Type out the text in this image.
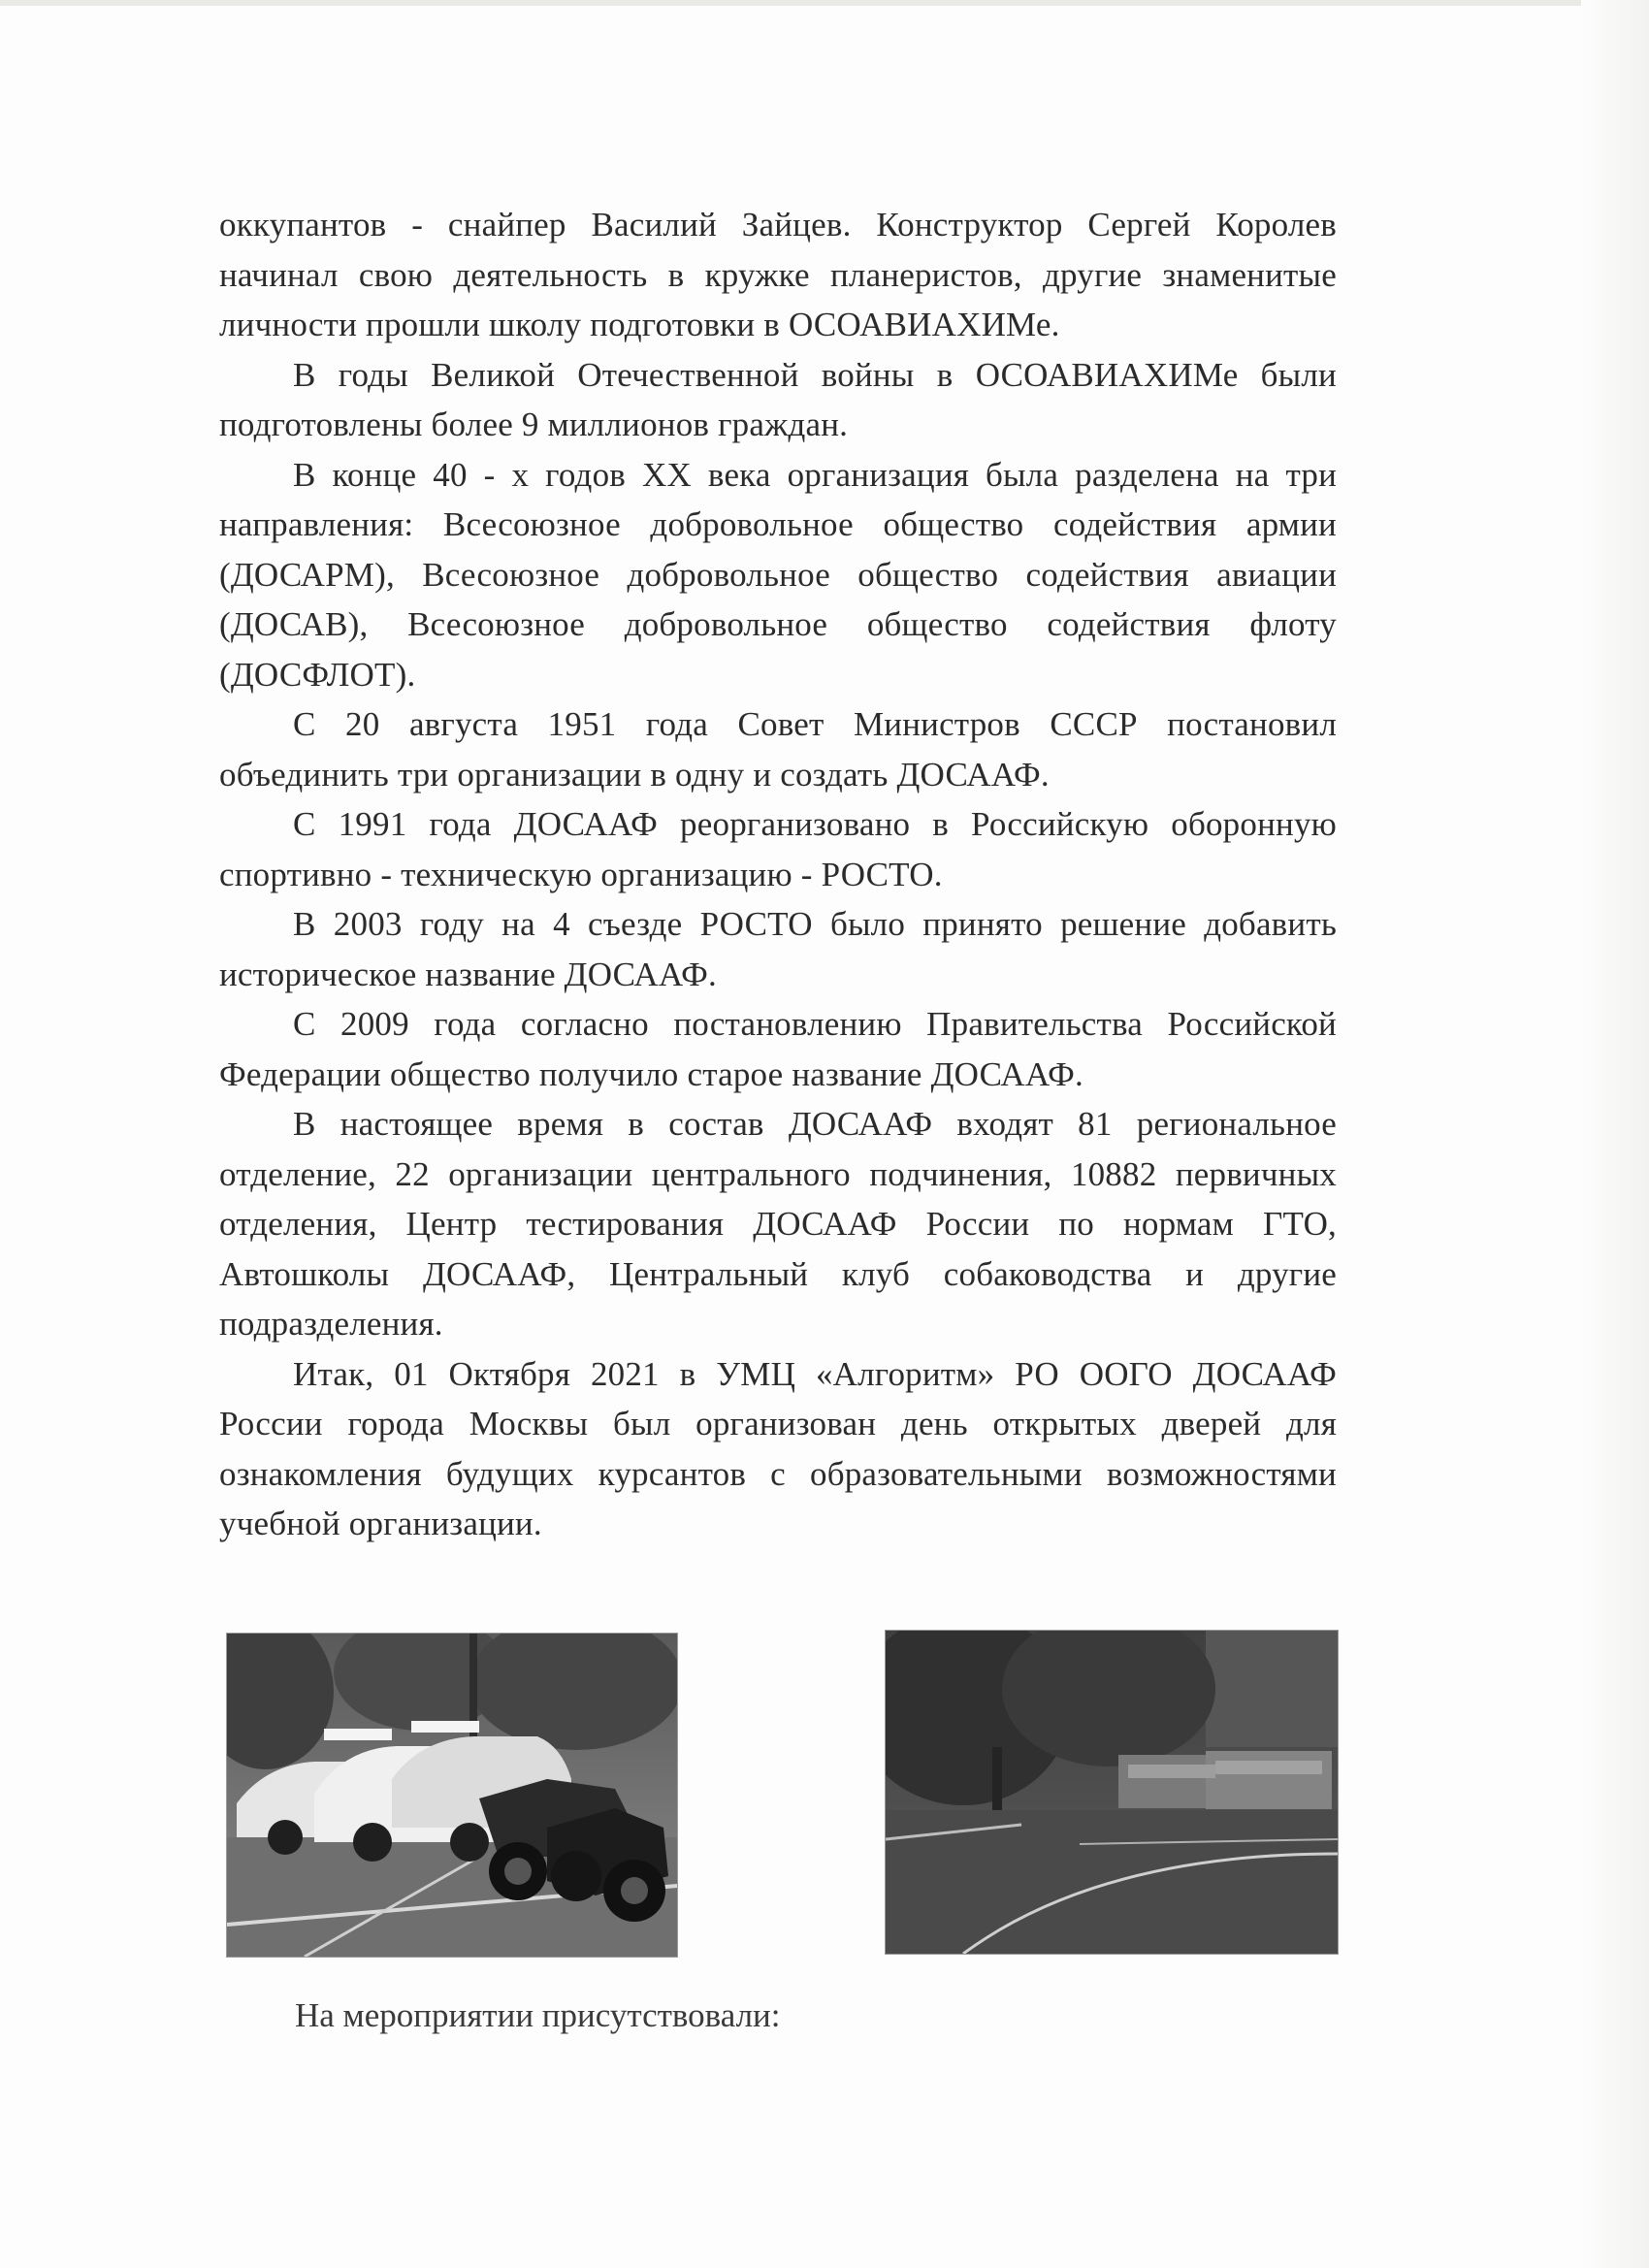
оккупантов - снайпер Василий Зайцев. Конструктор Сергей Королев начинал свою деятельность в кружке планеристов, другие знаменитые личности прошли школу подготовки в ОСОАВИАХИМе.

В годы Великой Отечественной войны в ОСОАВИАХИМе были подготовлены более 9 миллионов граждан.

В конце 40 - х годов XX века организация была разделена на три направления: Всесоюзное добровольное общество содействия армии (ДОСАРМ), Всесоюзное добровольное общество содействия авиации (ДОСАВ), Всесоюзное добровольное общество содействия флоту (ДОСФЛОТ).

С 20 августа 1951 года Совет Министров СССР постановил объединить три организации в одну и создать ДОСААФ.

С 1991 года ДОСААФ реорганизовано в Российскую оборонную спортивно - техническую организацию - РОСТО.

В 2003 году на 4 съезде РОСТО было принято решение добавить историческое название ДОСААФ.

С 2009 года согласно постановлению Правительства Российской Федерации общество получило старое название ДОСААФ.

В настоящее время в состав ДОСААФ входят 81 региональное отделение, 22 организации центрального подчинения, 10882 первичных отделения, Центр тестирования ДОСААФ России по нормам ГТО, Автошколы ДОСААФ, Центральный клуб собаководства и другие подразделения.

Итак, 01 Октября 2021 в УМЦ «Алгоритм» РО ООГО ДОСААФ России города Москвы был организован день открытых дверей для ознакомления будущих курсантов с образовательными возможностями учебной организации.

На мероприятии присутствовали:
